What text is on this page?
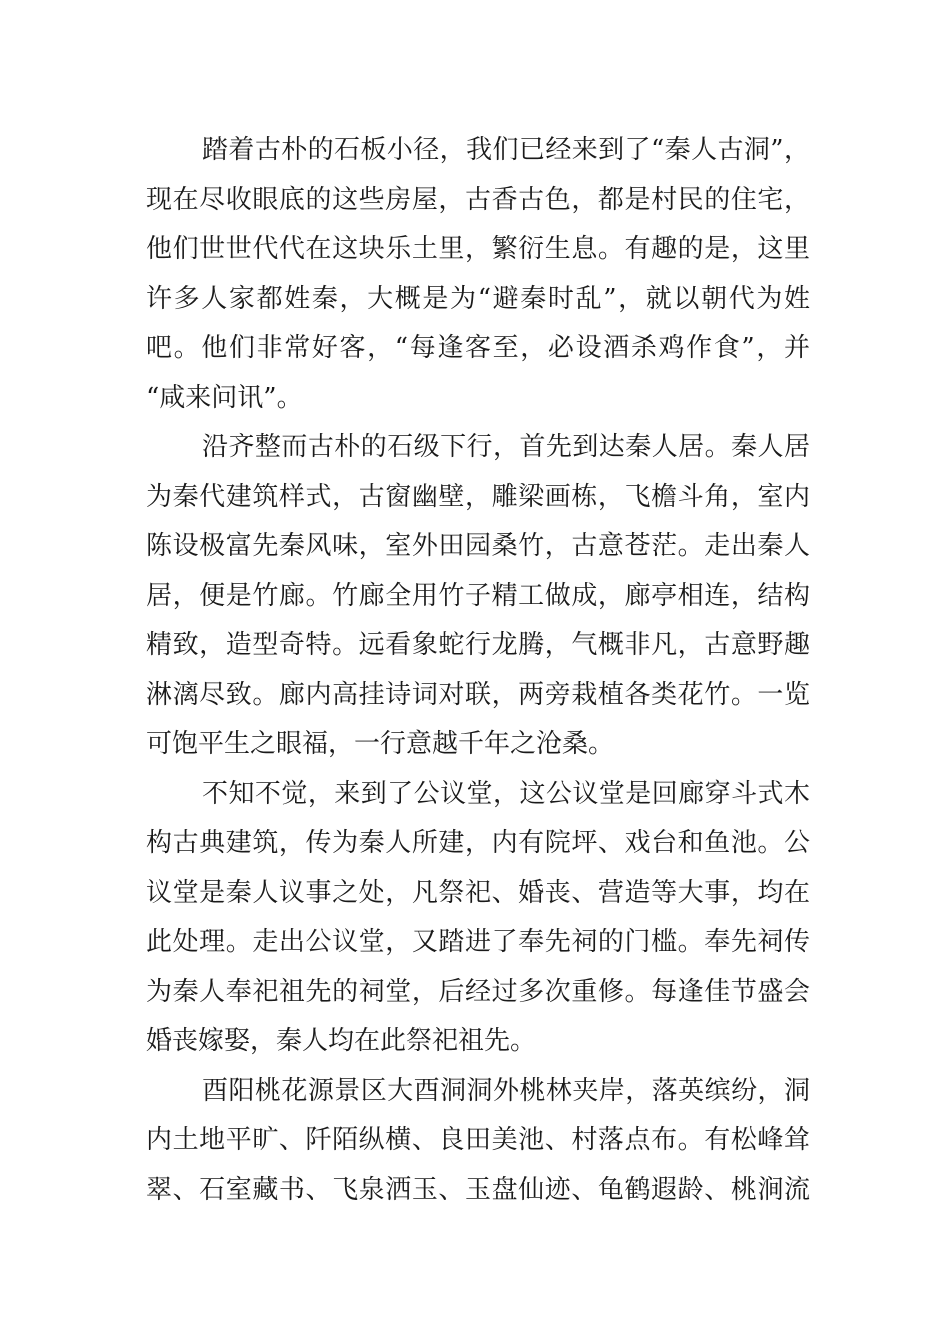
踏着古朴的石板小径，我们已经来到了“秦人古洞”，
现在尽收眼底的这些房屋，古香古色，都是村民的住宅，
他们世世代代在这块乐土里，繁衍生息。有趣的是，这里
许多人家都姓秦，大概是为“避秦时乱”，就以朝代为姓
吧。他们非常好客，“每逢客至，必设酒杀鸡作食”，并
“咸来问讯”。

沿齐整而古朴的石级下行，首先到达秦人居。秦人居
为秦代建筑样式，古窗幽壁，雕梁画栋，飞檐斗角，室内
陈设极富先秦风味，室外田园桑竹，古意苍茫。走出秦人
居，便是竹廊。竹廊全用竹子精工做成，廊亭相连，结构
精致，造型奇特。远看象蛇行龙腾，气概非凡，古意野趣
淋漓尽致。廊内高挂诗词对联，两旁栽植各类花竹。一览
可饱平生之眼福，一行意越千年之沧桑。

不知不觉，来到了公议堂，这公议堂是回廊穿斗式木
构古典建筑，传为秦人所建，内有院坪、戏台和鱼池。公
议堂是秦人议事之处，凡祭祀、婚丧、营造等大事，均在
此处理。走出公议堂，又踏进了奉先祠的门槛。奉先祠传
为秦人奉祀祖先的祠堂，后经过多次重修。每逢佳节盛会
婚丧嫁娶，秦人均在此祭祀祖先。

酉阳桃花源景区大酉洞洞外桃林夹岸，落英缤纷，洞
内土地平旷、阡陌纵横、良田美池、村落点布。有松峰耸
翠、石室藏书、飞泉洒玉、玉盘仙迹、龟鹤遐龄、桃涧流
